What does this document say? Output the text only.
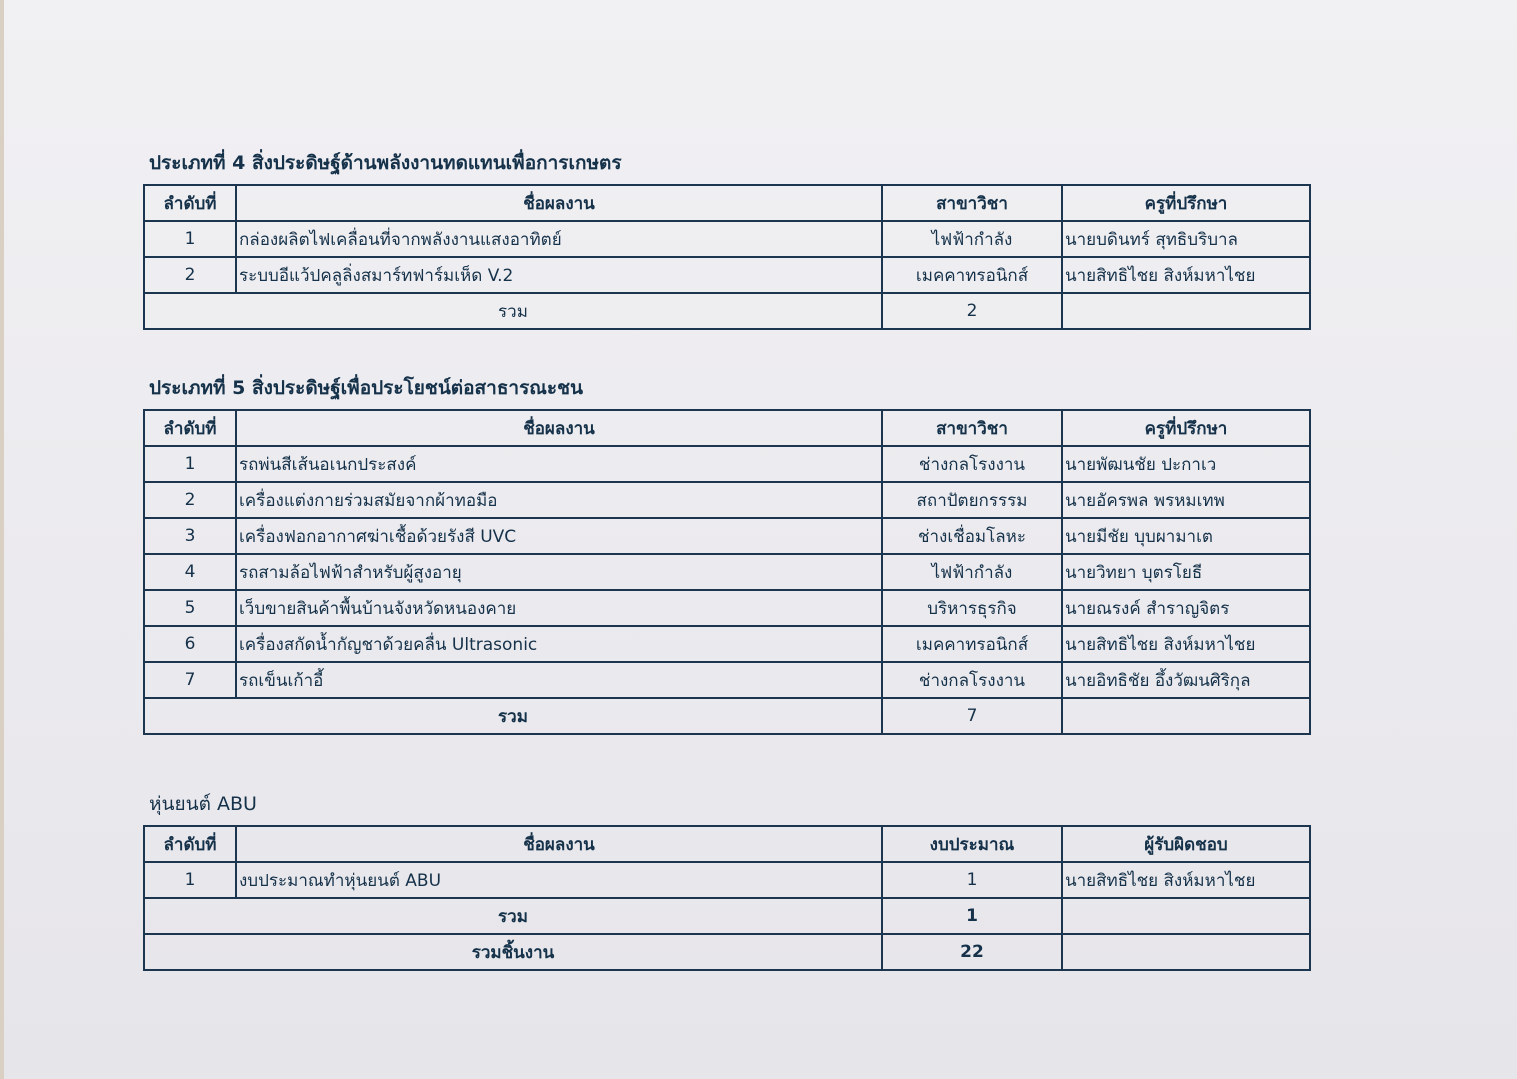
ประเภทที่ 4 สิ่งประดิษฐ์ด้านพลังงานทดแทนเพื่อการเกษตร
ลำดับที่	ชื่อผลงาน	สาขาวิชา	ครูที่ปรึกษา
1	กล่องผลิตไฟเคลื่อนที่จากพลังงานแสงอาทิตย์	ไฟฟ้ากำลัง	นายบดินทร์ สุทธิบริบาล
2	ระบบอีแว้ปคลูลิ่งสมาร์ทฟาร์มเห็ด V.2	เมคคาทรอนิกส์	นายสิทธิไชย สิงห์มหาไชย
รวม		2	
ประเภทที่ 5 สิ่งประดิษฐ์เพื่อประโยชน์ต่อสาธารณะชน
ลำดับที่	ชื่อผลงาน	สาขาวิชา	ครูที่ปรึกษา
1	รถพ่นสีเส้นอเนกประสงค์	ช่างกลโรงงาน	นายพัฒนชัย ปะกาเว
2	เครื่องแต่งกายร่วมสมัยจากผ้าทอมือ	สถาปัตยกรรรม	นายอัครพล พรหมเทพ
3	เครื่องฟอกอากาศฆ่าเชื้อด้วยรังสี UVC	ช่างเชื่อมโลหะ	นายมีชัย บุบผามาเต
4	รถสามล้อไฟฟ้าสำหรับผู้สูงอายุ	ไฟฟ้ากำลัง	นายวิทยา บุตรโยธี
5	เว็บขายสินค้าพื้นบ้านจังหวัดหนองคาย	บริหารธุรกิจ	นายณรงค์ สำราญจิตร
6	เครื่องสกัดน้ำกัญชาด้วยคลื่น Ultrasonic	เมคคาทรอนิกส์	นายสิทธิไชย สิงห์มหาไชย
7	รถเข็นเก้าอี้	ช่างกลโรงงาน	นายอิทธิชัย อึ้งวัฒนศิริกุล
รวม		7	
หุ่นยนต์ ABU
ลำดับที่	ชื่อผลงาน	งบประมาณ	ผู้รับผิดชอบ
1	งบประมาณทำหุ่นยนต์ ABU	1	นายสิทธิไชย สิงห์มหาไชย
รวม		1	
รวมชิ้นงาน		22	
